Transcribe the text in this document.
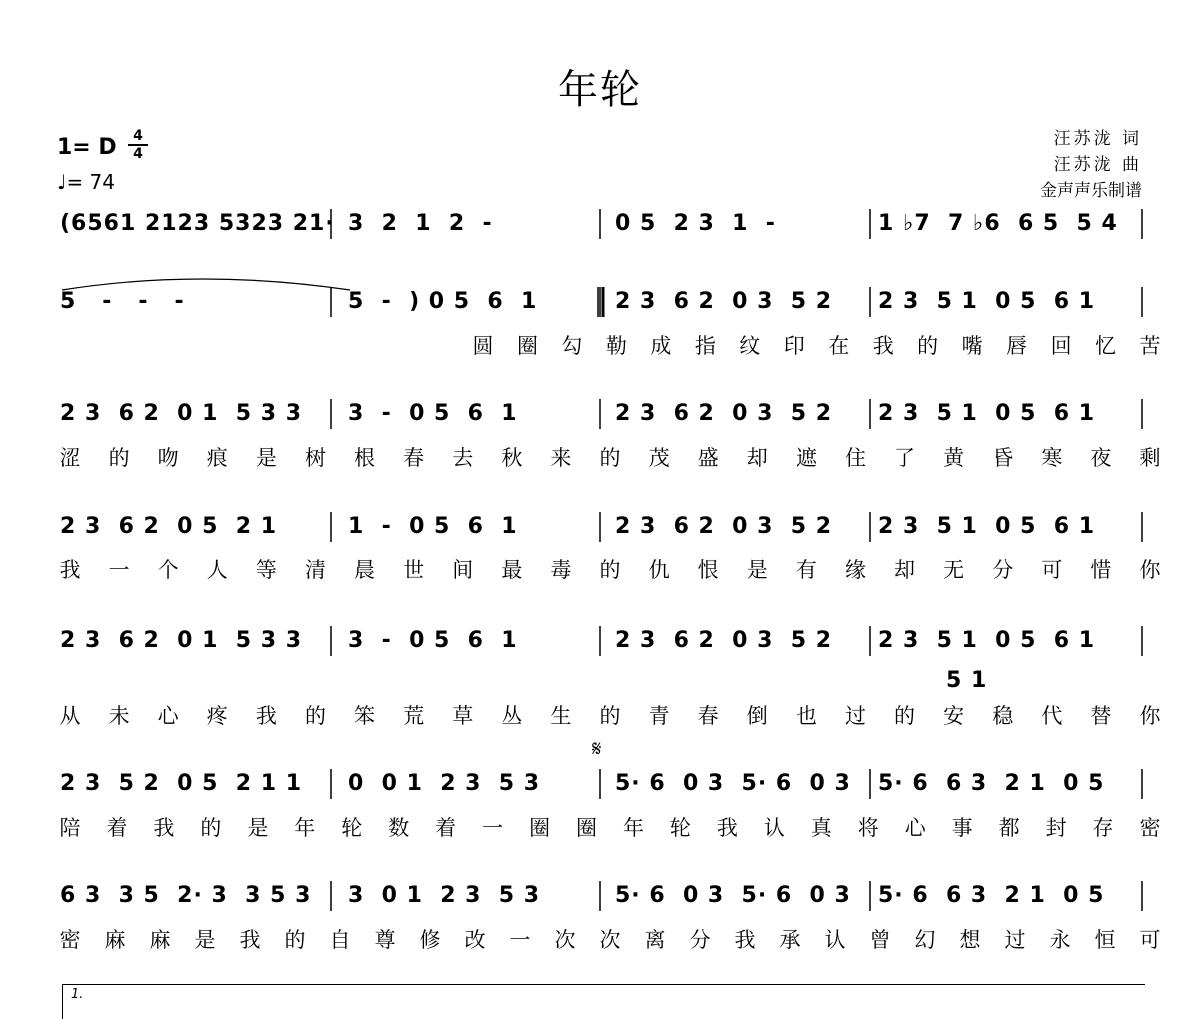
年轮
1= D	4
4
♩= 74
汪苏泷 词
汪苏泷 曲
金声声乐制谱
(6561 2123 5323 21· 3  2  1  2  -	0 5  2 3  1  -	1 ♭7  7 ♭6  6 5  5 4
5   -   -   -	5  -  ) 0 5  6  1	2 3  6 2  0 3  5 2 2 3  5 1  0 5  6 1
圆 圈 勾 勒 成 指 纹 印 在 我 的 嘴 唇 回 忆 苦
2 3  6 2  0 1  5 3 3 3  -  0 5  6  1	2 3  6 2  0 3  5 2 2 3  5 1  0 5  6 1
涩 的 吻 痕 是 树 根 春 去 秋 来 的 茂 盛 却 遮 住 了 黄 昏 寒 夜 剩
2 3  6 2  0 5  2 1	1  -  0 5  6  1	2 3  6 2  0 3  5 2 2 3  5 1  0 5  6 1
我 一 个 人 等 清 晨 世 间 最 毒 的 仇 恨 是 有 缘 却 无 分 可 惜 你
2 3  6 2  0 1  5 3 3 3  -  0 5  6  1	2 3  6 2  0 3  5 2 2 3  5 1  0 5  6 1
5 1
从 未 心 疼 我 的 笨 荒 草 丛 生 的 青 春 倒 也 过 的 安 稳 代 替 你
2 3  5 2  0 5  2 1 1 0  0 1  2 3  5 3	5· 6  0 3  5· 6  0 3 5· 6  6 3  2 1  0 5
陪 着 我 的 是 年 轮 数 着 一 圈 圈 年 轮 我 认 真 将 心 事 都 封 存 密
6 3  3 5  2· 3  3 5 3 3  0 1  2 3  5 3	5· 6  0 3  5· 6  0 3 5· 6  6 3  2 1  0 5
密 麻 麻 是 我 的 自 尊 修 改 一 次 次 离 分 我 承 认 曾 幻 想 过 永 恒 可
𝄋
1.
